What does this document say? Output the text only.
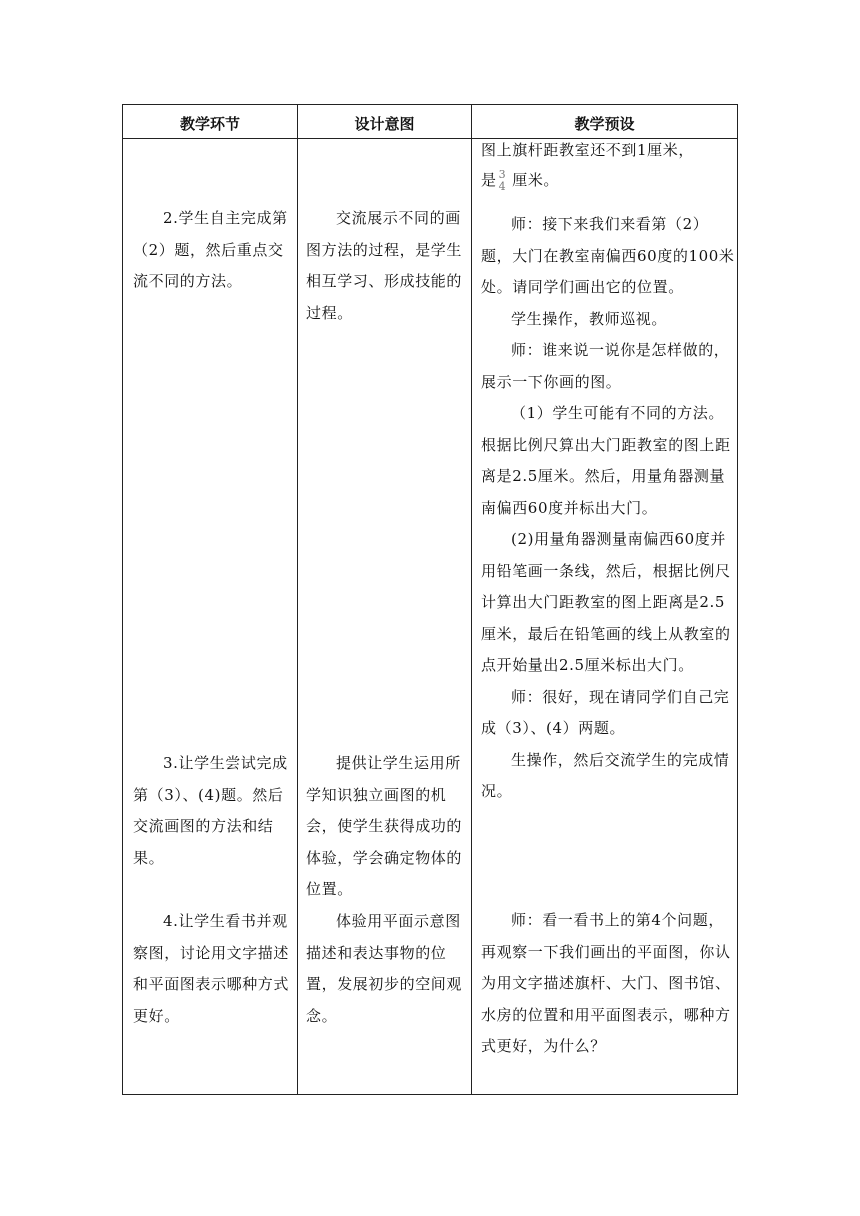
教学环节	设计意图	教学预设
2.学生自主完成第（2）题，然后重点交流不同的方法。
3.让学生尝试完成第（3）、(4)题。然后交流画图的方法和结果。
4.让学生看书并观察图，讨论用文字描述和平面图表示哪种方式更好。
交流展示不同的画图方法的过程，是学生相互学习、形成技能的过程。
提供让学生运用所学知识独立画图的机会，使学生获得成功的体验，学会确定物体的位置。
体验用平面示意图描述和表达事物的位置，发展初步的空间观念。

图上旗杆距教室还不到1厘米，

是 3
4 厘米。

师：接下来我们来看第（2）题，大门在教室南偏西60度的100米处。请同学们画出它的位置。

学生操作，教师巡视。

师：谁来说一说你是怎样做的，展示一下你画的图。

（1）学生可能有不同的方法。根据比例尺算出大门距教室的图上距离是2.5厘米。然后，用量角器测量南偏西60度并标出大门。

(2)用量角器测量南偏西60度并用铅笔画一条线，然后，根据比例尺计算出大门距教室的图上距离是2.5厘米，最后在铅笔画的线上从教室的点开始量出2.5厘米标出大门。

师：很好，现在请同学们自己完成（3）、(4）两题。

生操作，然后交流学生的完成情况。

师：看一看书上的第4个问题，再观察一下我们画出的平面图，你认为用文字描述旗杆、大门、图书馆、水房的位置和用平面图表示，哪种方式更好，为什么？
